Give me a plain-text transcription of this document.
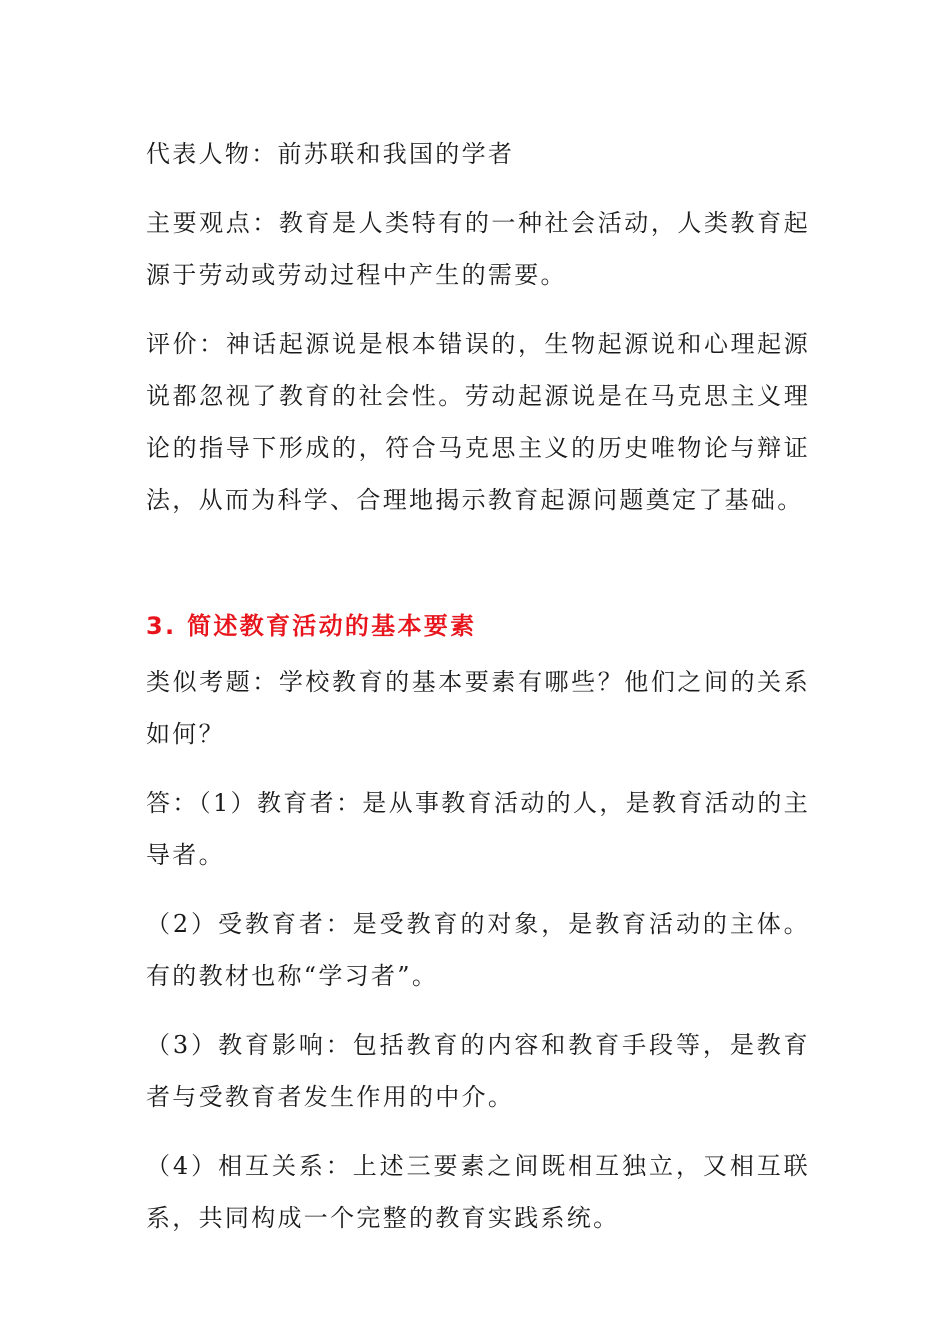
代表人物：前苏联和我国的学者

主要观点：教育是人类特有的一种社会活动，人类教育起源于劳动或劳动过程中产生的需要。

评价：神话起源说是根本错误的，生物起源说和心理起源说都忽视了教育的社会性。劳动起源说是在马克思主义理论的指导下形成的，符合马克思主义的历史唯物论与辩证法，从而为科学、合理地揭示教育起源问题奠定了基础。

3. 简述教育活动的基本要素

类似考题：学校教育的基本要素有哪些？他们之间的关系如何？

答：（1）教育者：是从事教育活动的人，是教育活动的主导者。

（2）受教育者：是受教育的对象，是教育活动的主体。有的教材也称“学习者”。

（3）教育影响：包括教育的内容和教育手段等，是教育者与受教育者发生作用的中介。

（4）相互关系：上述三要素之间既相互独立，又相互联系，共同构成一个完整的教育实践系统。
